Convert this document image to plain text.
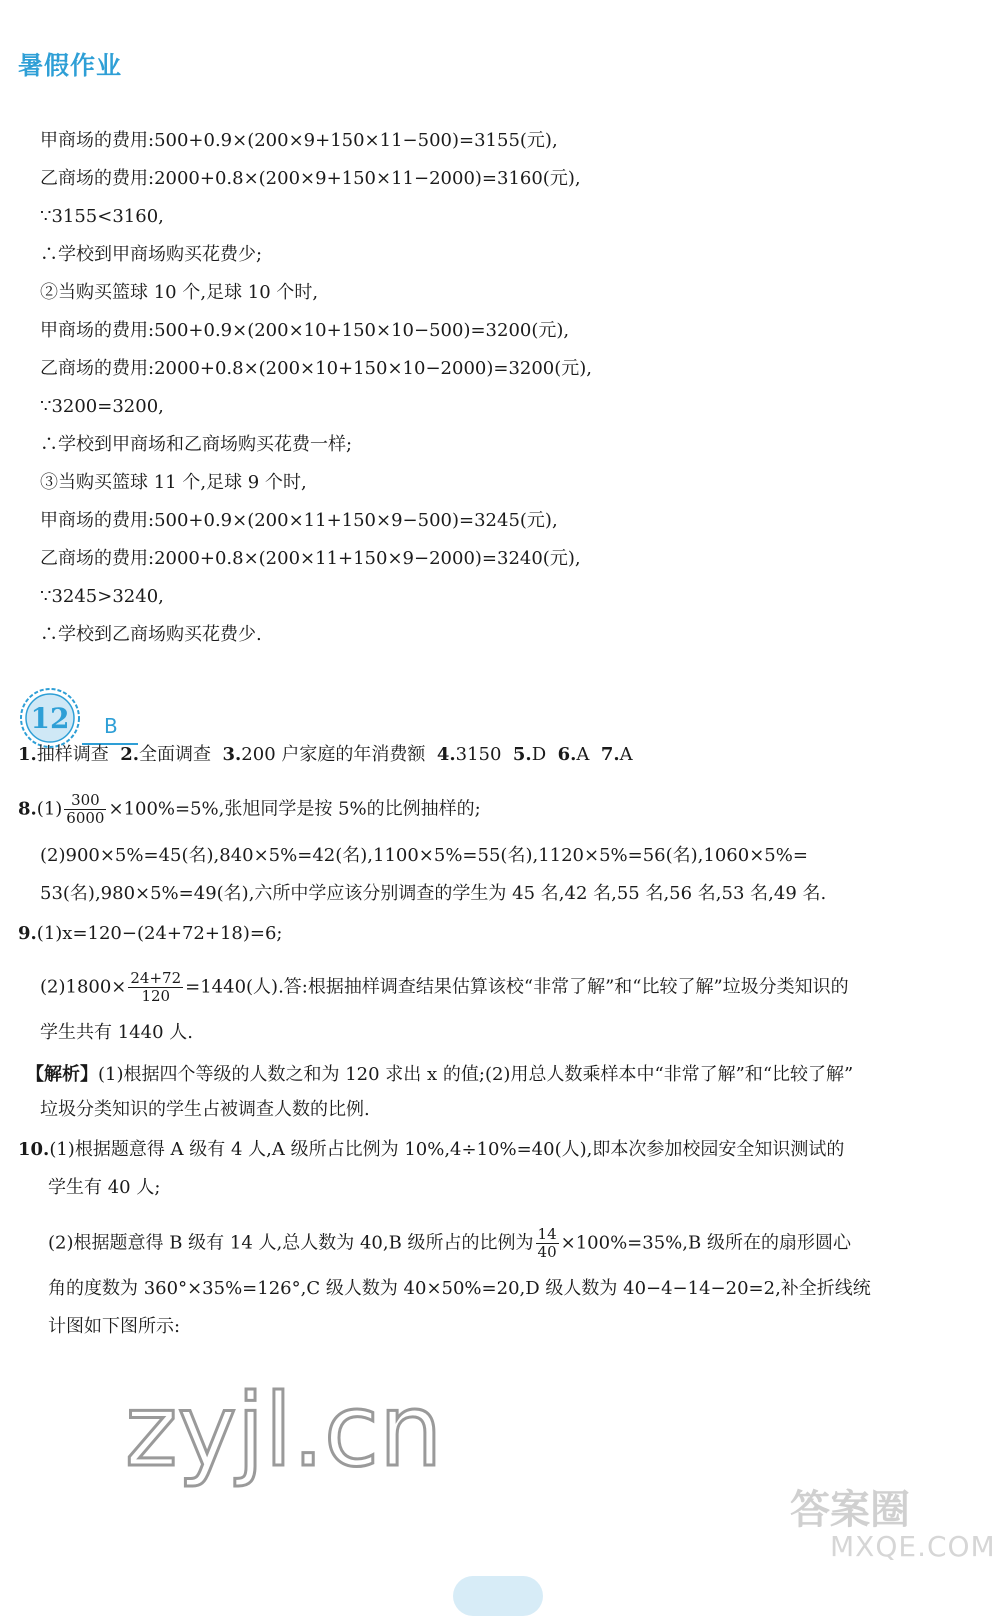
暑假作业
甲商场的费用:500+0.9×(200×9+150×11−500)=3155(元),
乙商场的费用:2000+0.8×(200×9+150×11−2000)=3160(元),
∵3155<3160,
∴学校到甲商场购买花费少;
②当购买篮球 10 个,足球 10 个时,
甲商场的费用:500+0.9×(200×10+150×10−500)=3200(元),
乙商场的费用:2000+0.8×(200×10+150×10−2000)=3200(元),
∵3200=3200,
∴学校到甲商场和乙商场购买花费一样;
③当购买篮球 11 个,足球 9 个时,
甲商场的费用:500+0.9×(200×11+150×9−500)=3245(元),
乙商场的费用:2000+0.8×(200×11+150×9−2000)=3240(元),
∵3245>3240,
∴学校到乙商场购买花费少.
12 B
1.抽样调查 2.全面调查 3.200 户家庭的年消费额 4.3150 5.D 6.A 7.A
$8.(1) \frac{300}{6000} \times 100\%=5\%$,张旭同学是按 5%的比例抽样的;
(2)900×5%=45(名),840×5%=42(名),1100×5%=55(名),1120×5%=56(名),1060×5%=
53(名),980×5%=49(名),六所中学应该分别调查的学生为 45 名,42 名,55 名,56 名,53 名,49 名.
9.(1)x=120−(24+72+18)=6;
$(2)1800\times \frac{24+72}{120} =1440$(人).答:根据抽样调查结果估算该校“非常了解”和“比较了解”垃圾分类知识的
学生共有 1440 人.
【解析】(1)根据四个等级的人数之和为 120 求出 x 的值;(2)用总人数乘样本中“非常了解”和“比较了解”
垃圾分类知识的学生占被调查人数的比例.
10.(1)根据题意得 A 级有 4 人,A 级所占比例为 10%,4÷10%=40(人),即本次参加校园安全知识测试的
学生有 40 人;
(2)根据题意得 B 级有 14 人,总人数为 40,B 级所占的比例为 $\frac{14}{40} \times 100\%=35\%,B$ 级所在的扇形圆心
角的度数为 360°×35%=126°,C 级人数为 40×50%=20,D 级人数为 40−4−14−20=2,补全折线统
计图如下图所示:
zyjl.cn
答案圈
MXQE.COM
